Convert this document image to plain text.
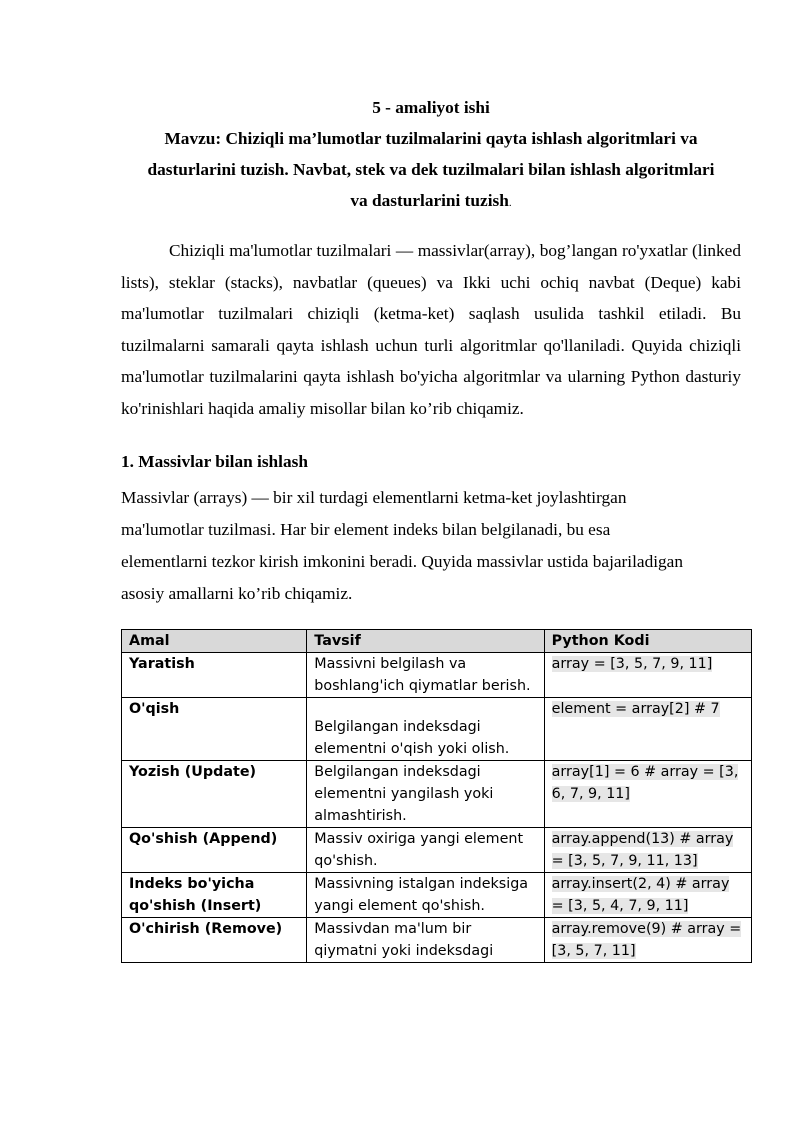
5 - amaliyot ishi
Mavzu: Chiziqli ma’lumotlar tuzilmalarini qayta ishlash algoritmlari va
dasturlarini tuzish. Navbat, stek va dek tuzilmalari bilan ishlash algoritmlari
va dasturlarini tuzish.
Chiziqli ma'lumotlar tuzilmalari — massivlar(array), bog’langan ro'yxatlar (linked lists), steklar (stacks), navbatlar (queues) va Ikki uchi ochiq navbat (Deque) kabi ma'lumotlar tuzilmalari chiziqli (ketma-ket) saqlash usulida tashkil etiladi. Bu tuzilmalarni samarali qayta ishlash uchun turli algoritmlar qo'llaniladi. Quyida chiziqli ma'lumotlar tuzilmalarini qayta ishlash bo'yicha algoritmlar va ularning Python dasturiy ko'rinishlari haqida amaliy misollar bilan ko’rib chiqamiz.
1. Massivlar bilan ishlash
Massivlar (arrays) — bir xil turdagi elementlarni ketma-ket joylashtirgan
ma'lumotlar tuzilmasi. Har bir element indeks bilan belgilanadi, bu esa
elementlarni tezkor kirish imkonini beradi. Quyida massivlar ustida bajariladigan
asosiy amallarni ko’rib chiqamiz.
Amal	Tavsif	Python Kodi
Yaratish	Massivni belgilash va boshlang'ich qiymatlar berish.	array = [3, 5, 7, 9, 11]
O'qish	Belgilangan indeksdagi elementni o'qish yoki olish.	element = array[2] # 7
Yozish (Update)	Belgilangan indeksdagi elementni yangilash yoki almashtirish.	array[1] = 6 # array = [3, 6, 7, 9, 11]
Qo'shish (Append)	Massiv oxiriga yangi element qo'shish.	array.append(13) # array = [3, 5, 7, 9, 11, 13]
Indeks bo'yicha qo'shish (Insert)	Massivning istalgan indeksiga yangi element qo'shish.	array.insert(2, 4) # array = [3, 5, 4, 7, 9, 11]
O'chirish (Remove)	Massivdan ma'lum bir qiymatni yoki indeksdagi	array.remove(9) # array = [3, 5, 7, 11]
